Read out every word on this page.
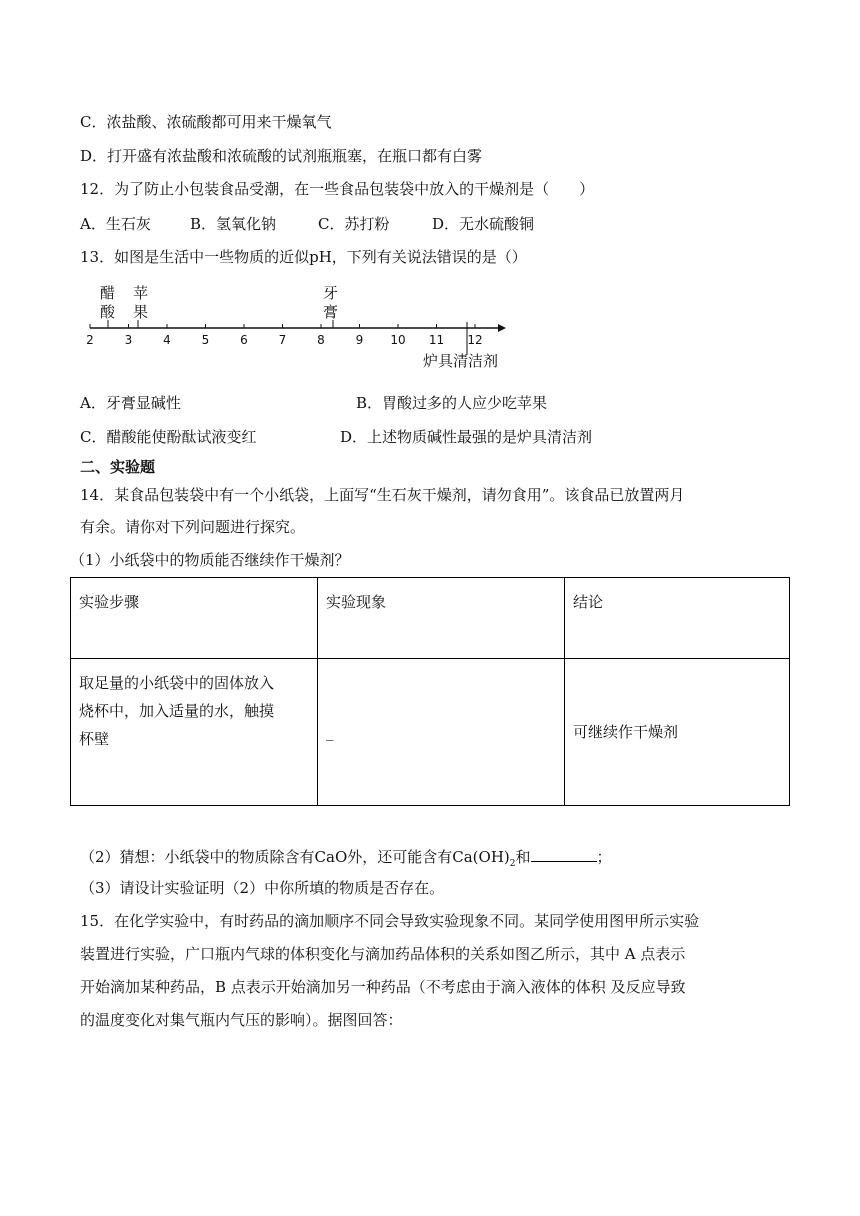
C．浓盐酸、浓硫酸都可用来干燥氧气
D．打开盛有浓盐酸和浓硫酸的试剂瓶瓶塞，在瓶口都有白雾
12．为了防止小包装食品受潮，在一些食品包装袋中放入的干燥剂是（　　）
A．生石灰	B．氢氧化钠	C．苏打粉	D．无水硫酸铜
13．如图是生活中一些物质的近似pH，下列有关说法错误的是（）
醋
酸
苹
果
牙
膏
2	3	4	5	6	7	8	9 10 11 12
炉具清洁剂
A．牙膏显碱性	B．胃酸过多的人应少吃苹果
C．醋酸能使酚酞试液变红	D．上述物质碱性最强的是炉具清洁剂
二、实验题
14．某食品包装袋中有一个小纸袋，上面写“生石灰干燥剂，请勿食用”。该食品已放置两月
有余。请你对下列问题进行探究。
（1）小纸袋中的物质能否继续作干燥剂？
实验步骤	实验现象	结论

取足量的小纸袋中的固体放入
烧杯中，加入适量的水，触摸
杯壁	_	可继续作干燥剂
（2）猜想：小纸袋中的物质除含有CaO外，还可能含有$Ca(OH)_2$和	；
（3）请设计实验证明（2）中你所填的物质是否存在。
15．在化学实验中，有时药品的滴加顺序不同会导致实验现象不同。某同学使用图甲所示实验
装置进行实验，广口瓶内气球的体积变化与滴加药品体积的关系如图乙所示，其中 A 点表示
开始滴加某种药品，B 点表示开始滴加另一种药品（不考虑由于滴入液体的体积 及反应导致
的温度变化对集气瓶内气压的影响）。据图回答：
